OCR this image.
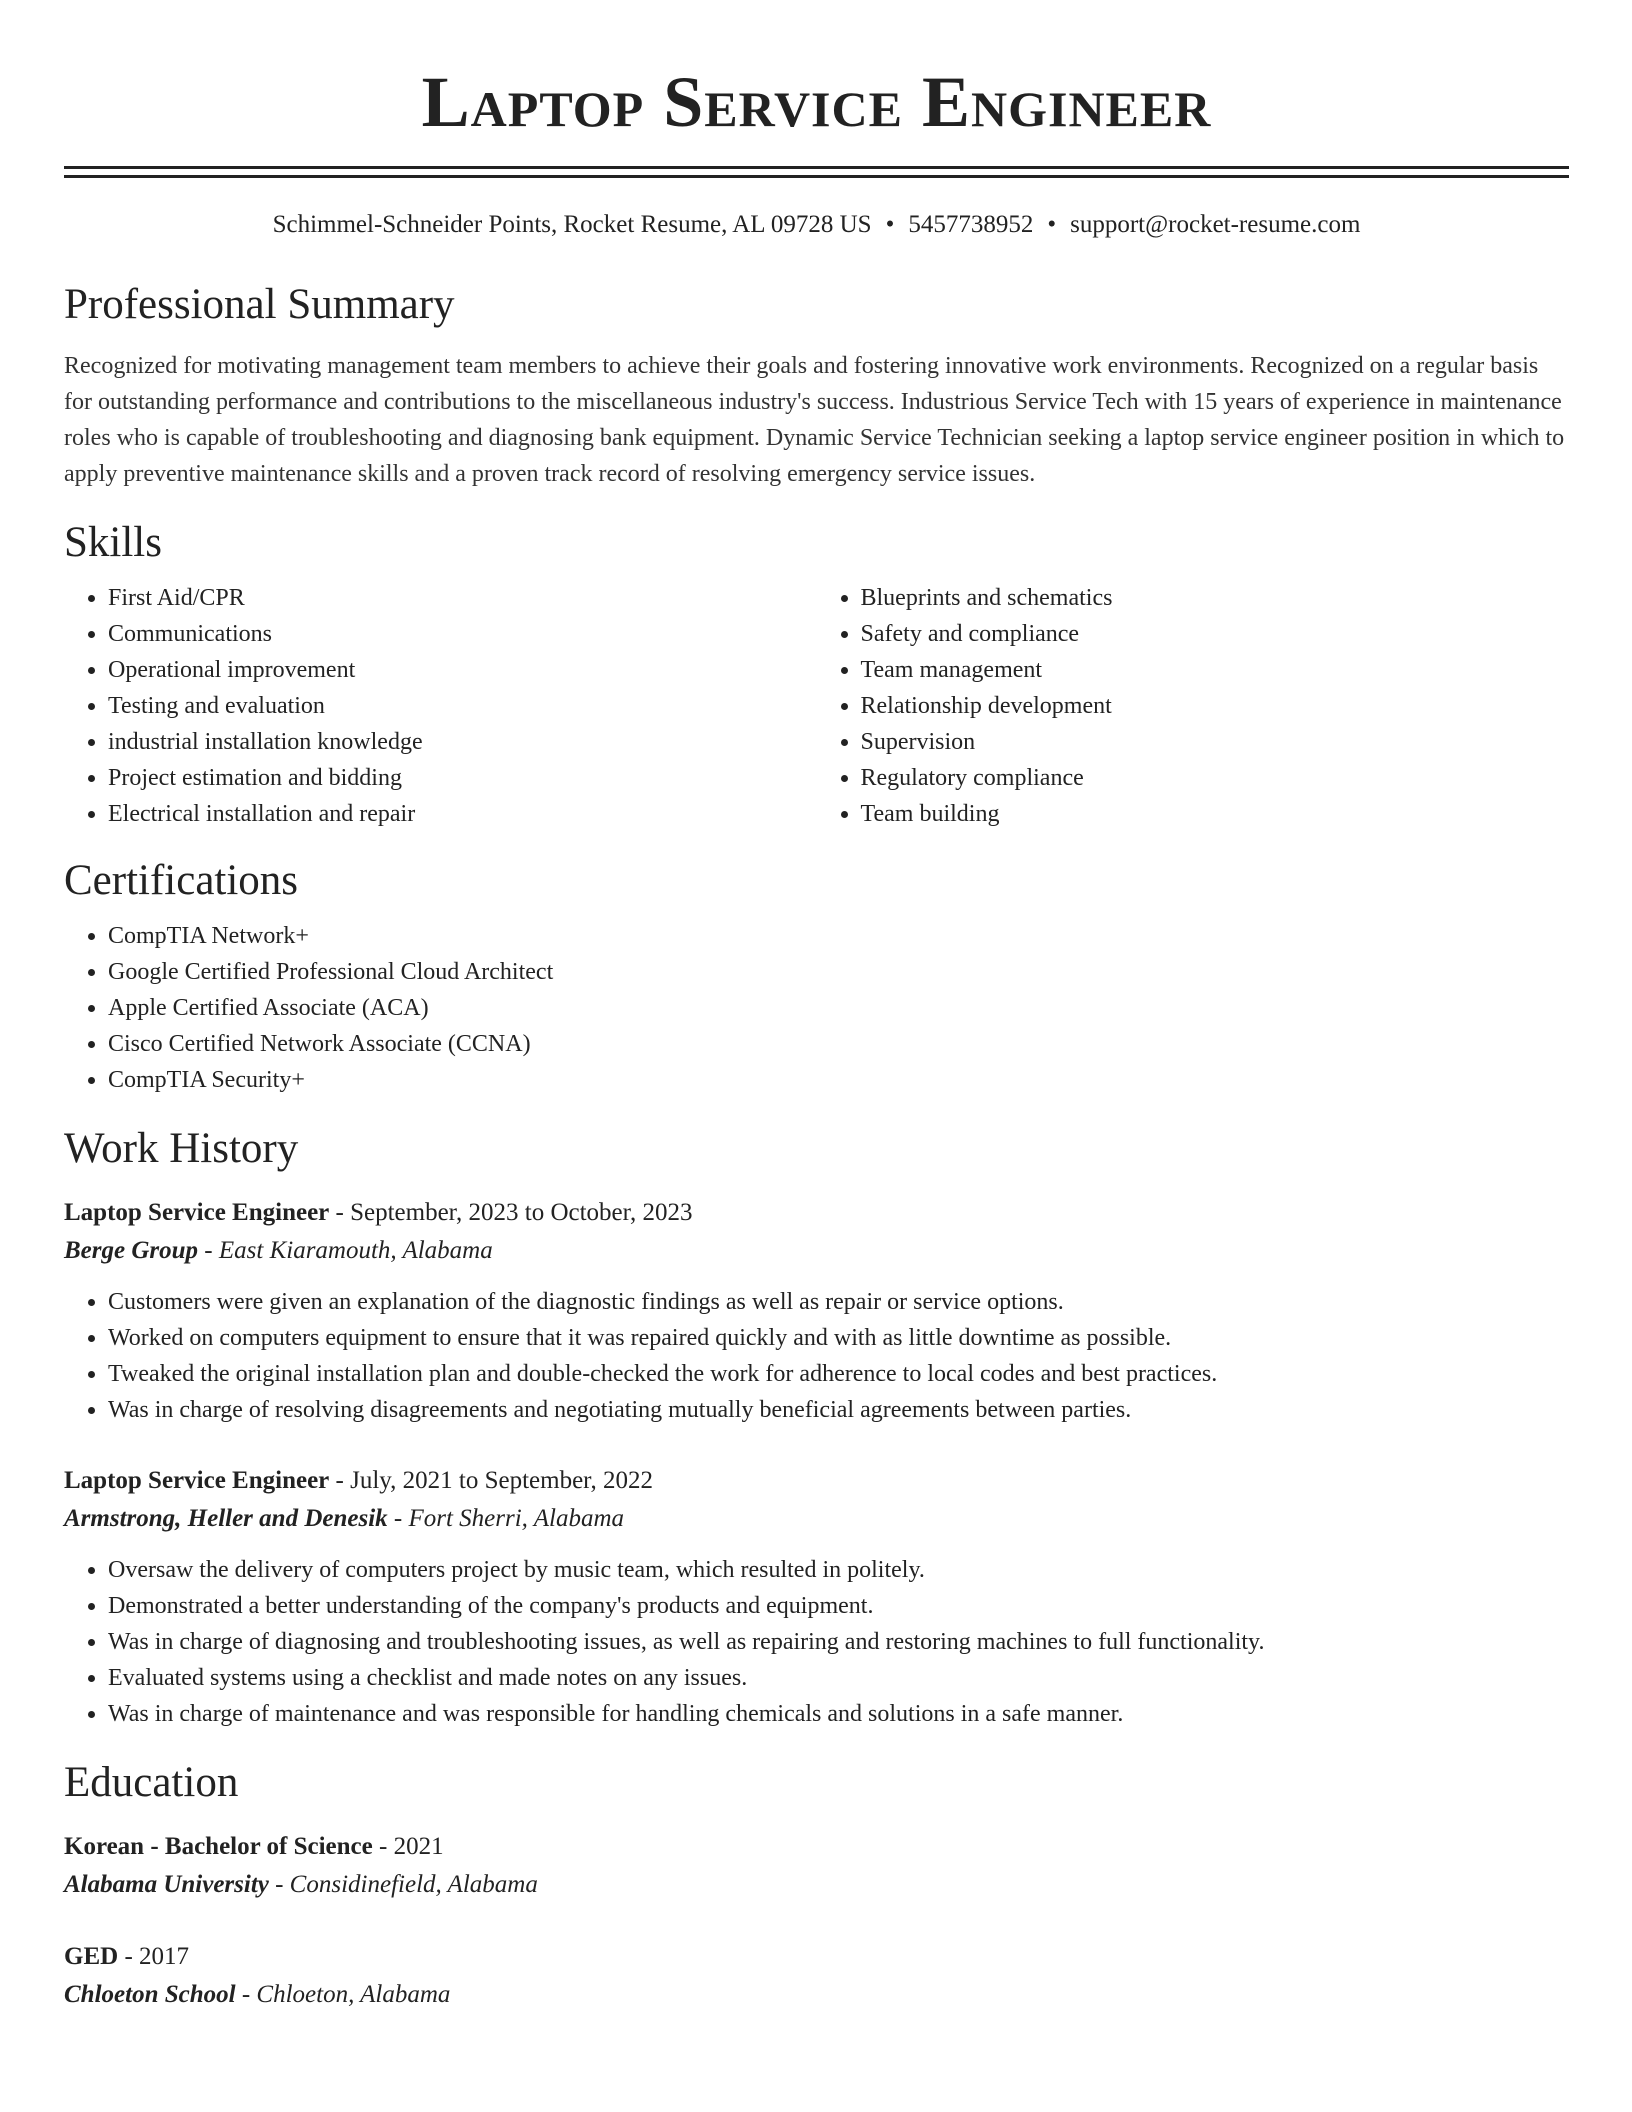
Laptop Service Engineer
Schimmel-Schneider Points, Rocket Resume, AL 09728 US • 5457738952 • support@rocket-resume.com
Professional Summary
Recognized for motivating management team members to achieve their goals and fostering innovative work environments. Recognized on a regular basis for outstanding performance and contributions to the miscellaneous industry's success. Industrious Service Tech with 15 years of experience in maintenance roles who is capable of troubleshooting and diagnosing bank equipment. Dynamic Service Technician seeking a laptop service engineer position in which to apply preventive maintenance skills and a proven track record of resolving emergency service issues.
Skills
• First Aid/CPR
• Communications
• Operational improvement
• Testing and evaluation
• industrial installation knowledge
• Project estimation and bidding
• Electrical installation and repair
• Blueprints and schematics
• Safety and compliance
• Team management
• Relationship development
• Supervision
• Regulatory compliance
• Team building
Certifications
• CompTIA Network+
• Google Certified Professional Cloud Architect
• Apple Certified Associate (ACA)
• Cisco Certified Network Associate (CCNA)
• CompTIA Security+
Work History
Laptop Service Engineer - September, 2023 to October, 2023
Berge Group - East Kiaramouth, Alabama
• Customers were given an explanation of the diagnostic findings as well as repair or service options.
• Worked on computers equipment to ensure that it was repaired quickly and with as little downtime as possible.
• Tweaked the original installation plan and double-checked the work for adherence to local codes and best practices.
• Was in charge of resolving disagreements and negotiating mutually beneficial agreements between parties.
Laptop Service Engineer - July, 2021 to September, 2022
Armstrong, Heller and Denesik - Fort Sherri, Alabama
• Oversaw the delivery of computers project by music team, which resulted in politely.
• Demonstrated a better understanding of the company's products and equipment.
• Was in charge of diagnosing and troubleshooting issues, as well as repairing and restoring machines to full functionality.
• Evaluated systems using a checklist and made notes on any issues.
• Was in charge of maintenance and was responsible for handling chemicals and solutions in a safe manner.
Education
Korean - Bachelor of Science - 2021
Alabama University - Considinefield, Alabama
GED - 2017
Chloeton School - Chloeton, Alabama
